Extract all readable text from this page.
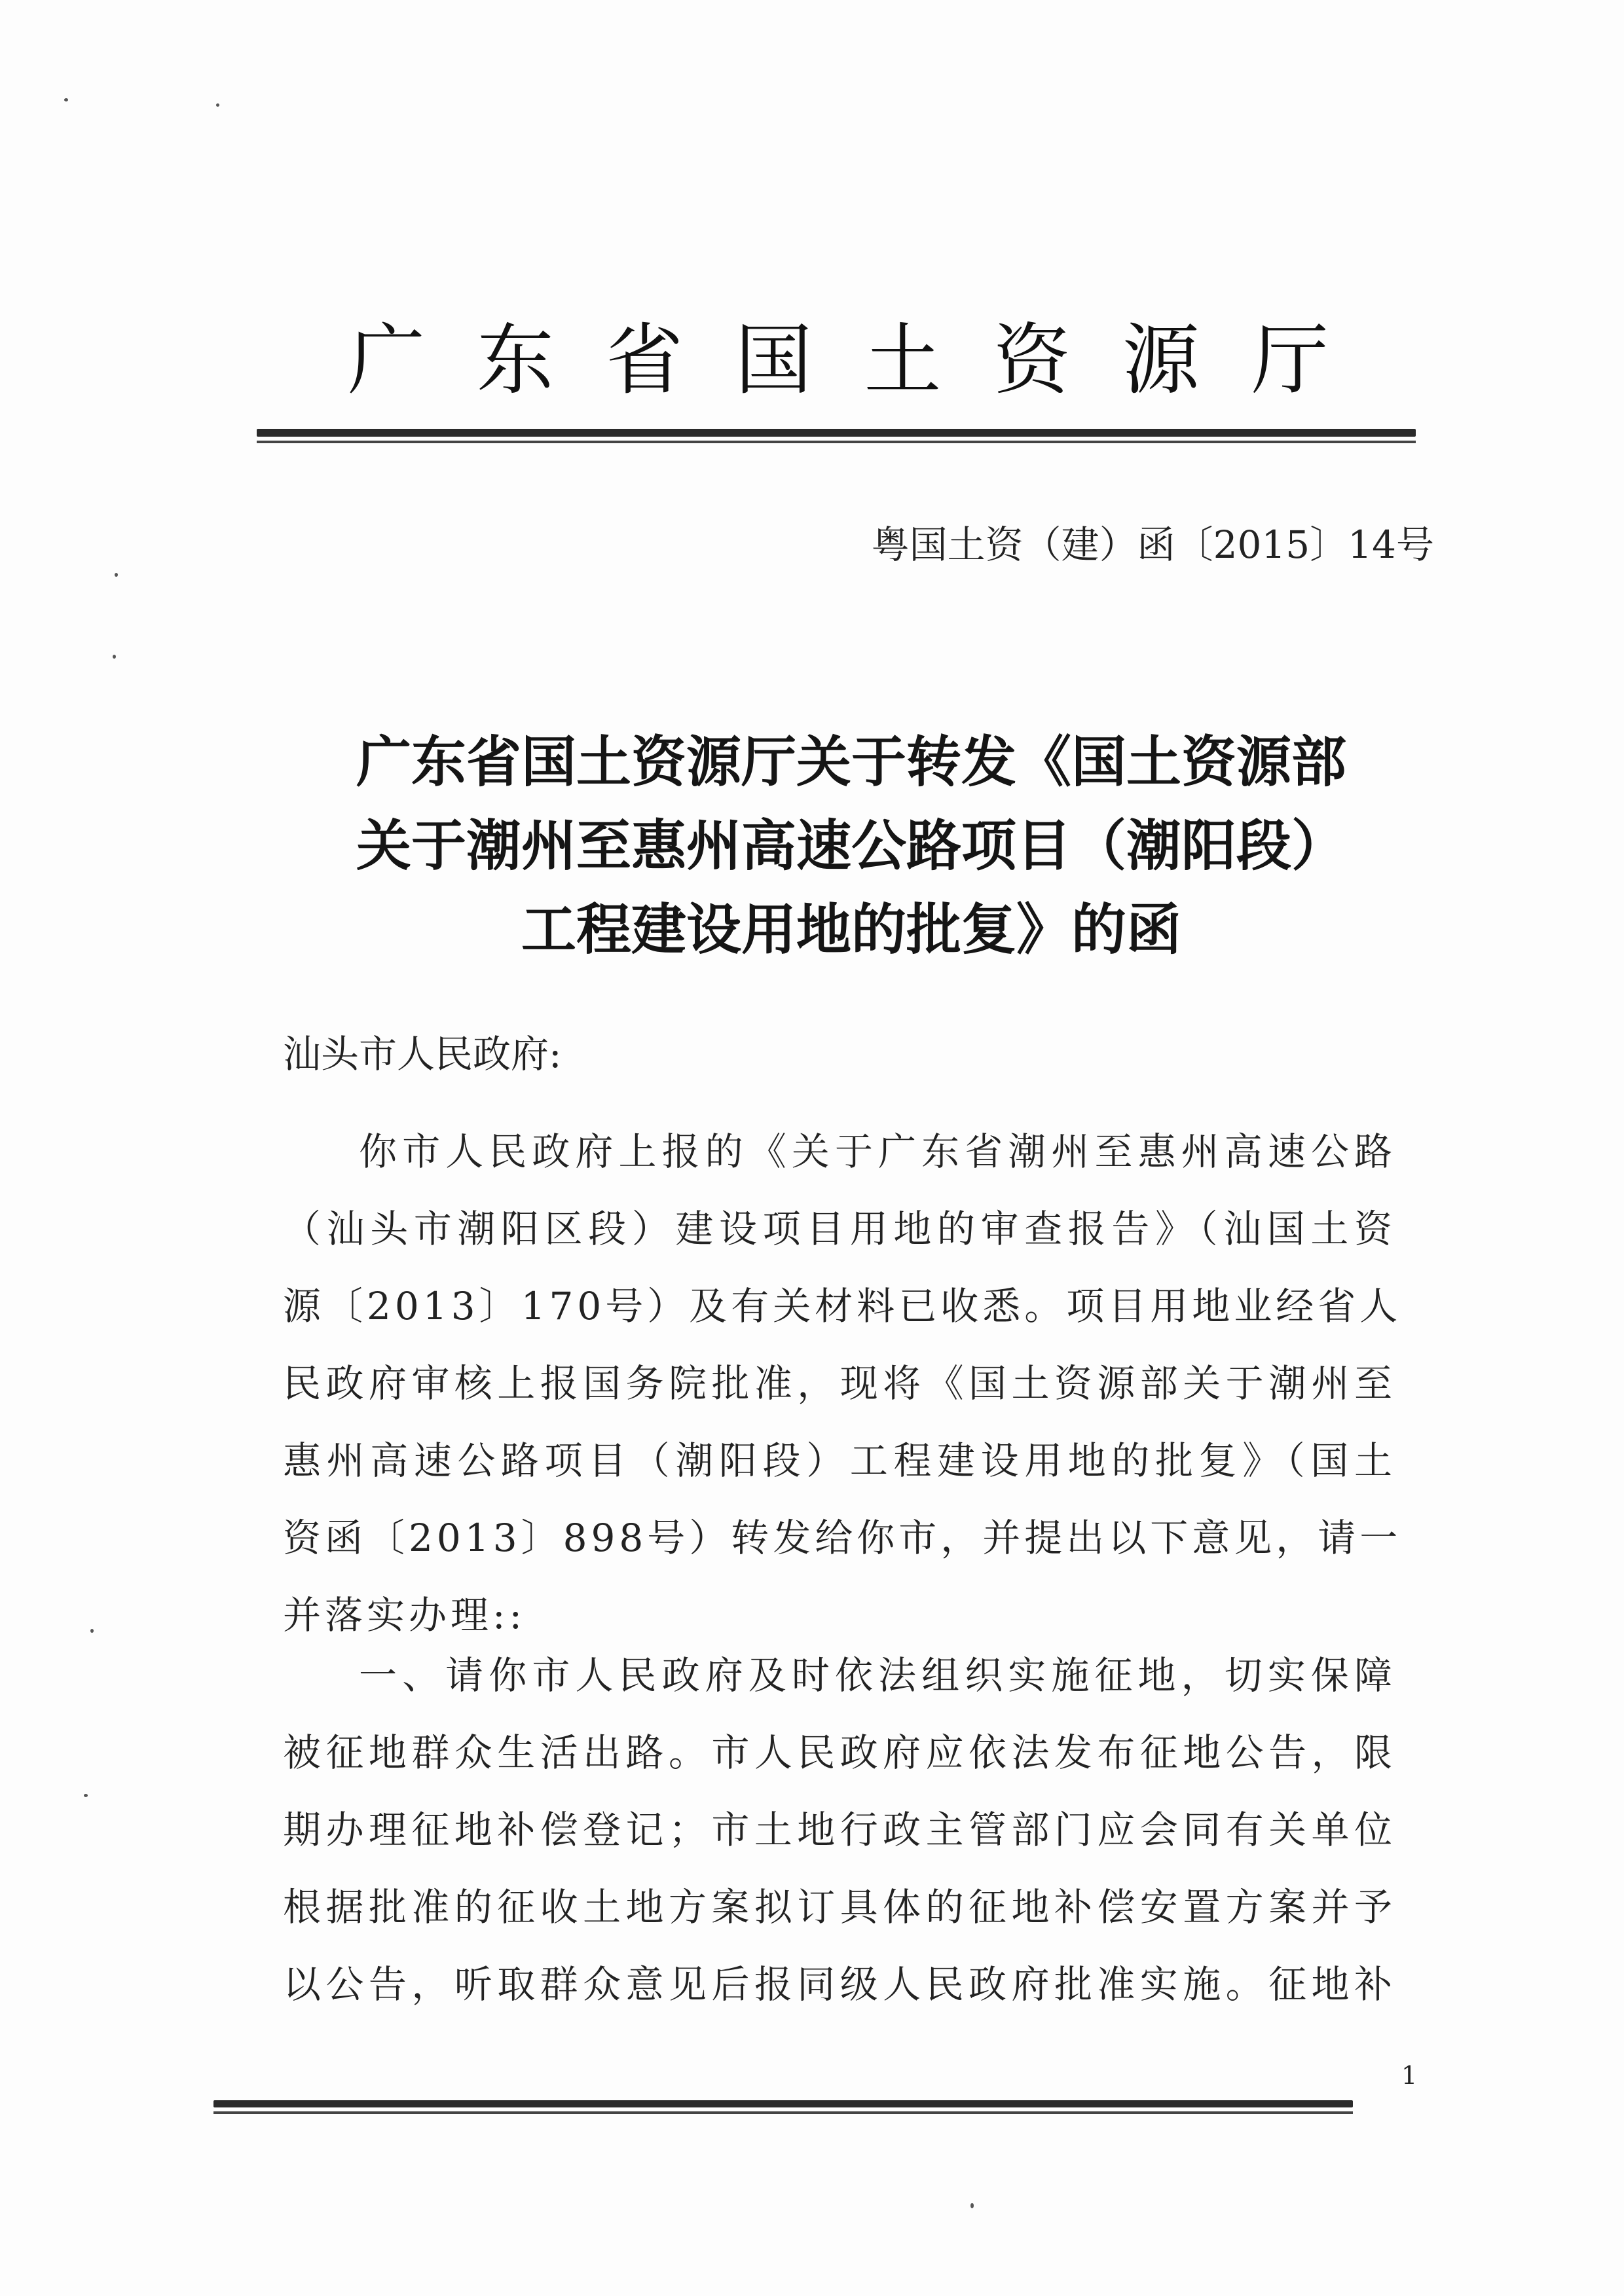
广 东 省 国 土 资 源 厅
粤国土资（建）函〔2015〕14号
广东省国土资源厅关于转发《国土资源部
关于潮州至惠州高速公路项目（潮阳段）
工程建设用地的批复》的函
汕头市人民政府:
你市人民政府上报的《关于广东省潮州至惠州高速公路
（汕头市潮阳区段）建设项目用地的审查报告》（汕国土资
源〔2013〕170号）及有关材料已收悉。项目用地业经省人
民政府审核上报国务院批准，现将《国土资源部关于潮州至
惠州高速公路项目（潮阳段）工程建设用地的批复》（国土
资函〔2013〕898号）转发给你市，并提出以下意见，请一
并落实办理::
一、请你市人民政府及时依法组织实施征地，切实保障
被征地群众生活出路。市人民政府应依法发布征地公告，限
期办理征地补偿登记；市土地行政主管部门应会同有关单位
根据批准的征收土地方案拟订具体的征地补偿安置方案并予
以公告，听取群众意见后报同级人民政府批准实施。征地补
1
